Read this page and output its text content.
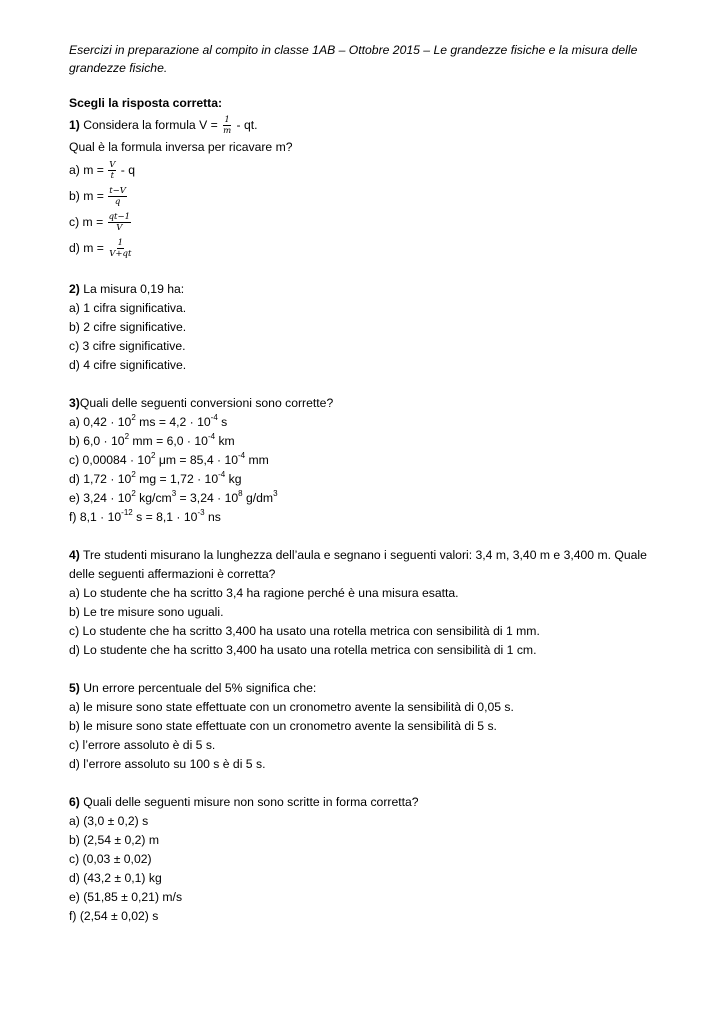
Esercizi in preparazione al compito in classe 1AB – Ottobre 2015 – Le grandezze fisiche e la misura delle grandezze fisiche.

Scegli la risposta corretta:

1) Considera la formula $V = \frac{1}{m}$ - qt.
Qual è la formula inversa per ricavare m?
a) $m = \frac{V}{t} - q$
b) $m = \frac{t-V}{q}$
c) $m = \frac{qt-1}{V}$
d) $m = \frac{1}{V+qt}$
2) La misura 0,19 ha:
a) 1 cifra significativa.
b) 2 cifre significative.
c) 3 cifre significative.
d) 4 cifre significative.
3)Quali delle seguenti conversioni sono corrette?
a) $0,42 \cdot 10^2$ ms = $4,2 \cdot 10^{-4}$ s
b) $6,0 \cdot 10^2$ mm = $6,0 \cdot 10^{-4}$ km
c) $0,00084 \cdot 10^2$ $\mu m = 85,4 \cdot 10^{-4}$ mm
d) $1,72 \cdot 10^2$ mg = $1,72 \cdot 10^{-4}$ kg
e) $3,24 \cdot 10^2$ $kg/cm^3 = 3,24 \cdot 10^8$ $g/dm^3$
f) $8,1 \cdot 10^{-12}$ $s = 8,1 \cdot 10^{-3}$ ns
4) Tre studenti misurano la lunghezza dell’aula e segnano i seguenti valori: 3,4 m, 3,40 m e 3,400 m. Quale delle seguenti affermazioni è corretta?
a) Lo studente che ha scritto 3,4 ha ragione perché è una misura esatta.
b) Le tre misure sono uguali.
c) Lo studente che ha scritto 3,400 ha usato una rotella metrica con sensibilità di 1 mm.
d) Lo studente che ha scritto 3,400 ha usato una rotella metrica con sensibilità di 1 cm.
5) Un errore percentuale del 5% significa che:
a) le misure sono state effettuate con un cronometro avente la sensibilità di 0,05 s.
b) le misure sono state effettuate con un cronometro avente la sensibilità di 5 s.
c) l’errore assoluto è di 5 s.
d) l’errore assoluto su 100 s è di 5 s.
6) Quali delle seguenti misure non sono scritte in forma corretta?
a) (3,0 ± 0,2) s
b) (2,54 ± 0,2) m
c) (0,03 ± 0,02)
d) (43,2 ± 0,1) kg
e) (51,85 ± 0,21) m/s
f) (2,54 ± 0,02) s
